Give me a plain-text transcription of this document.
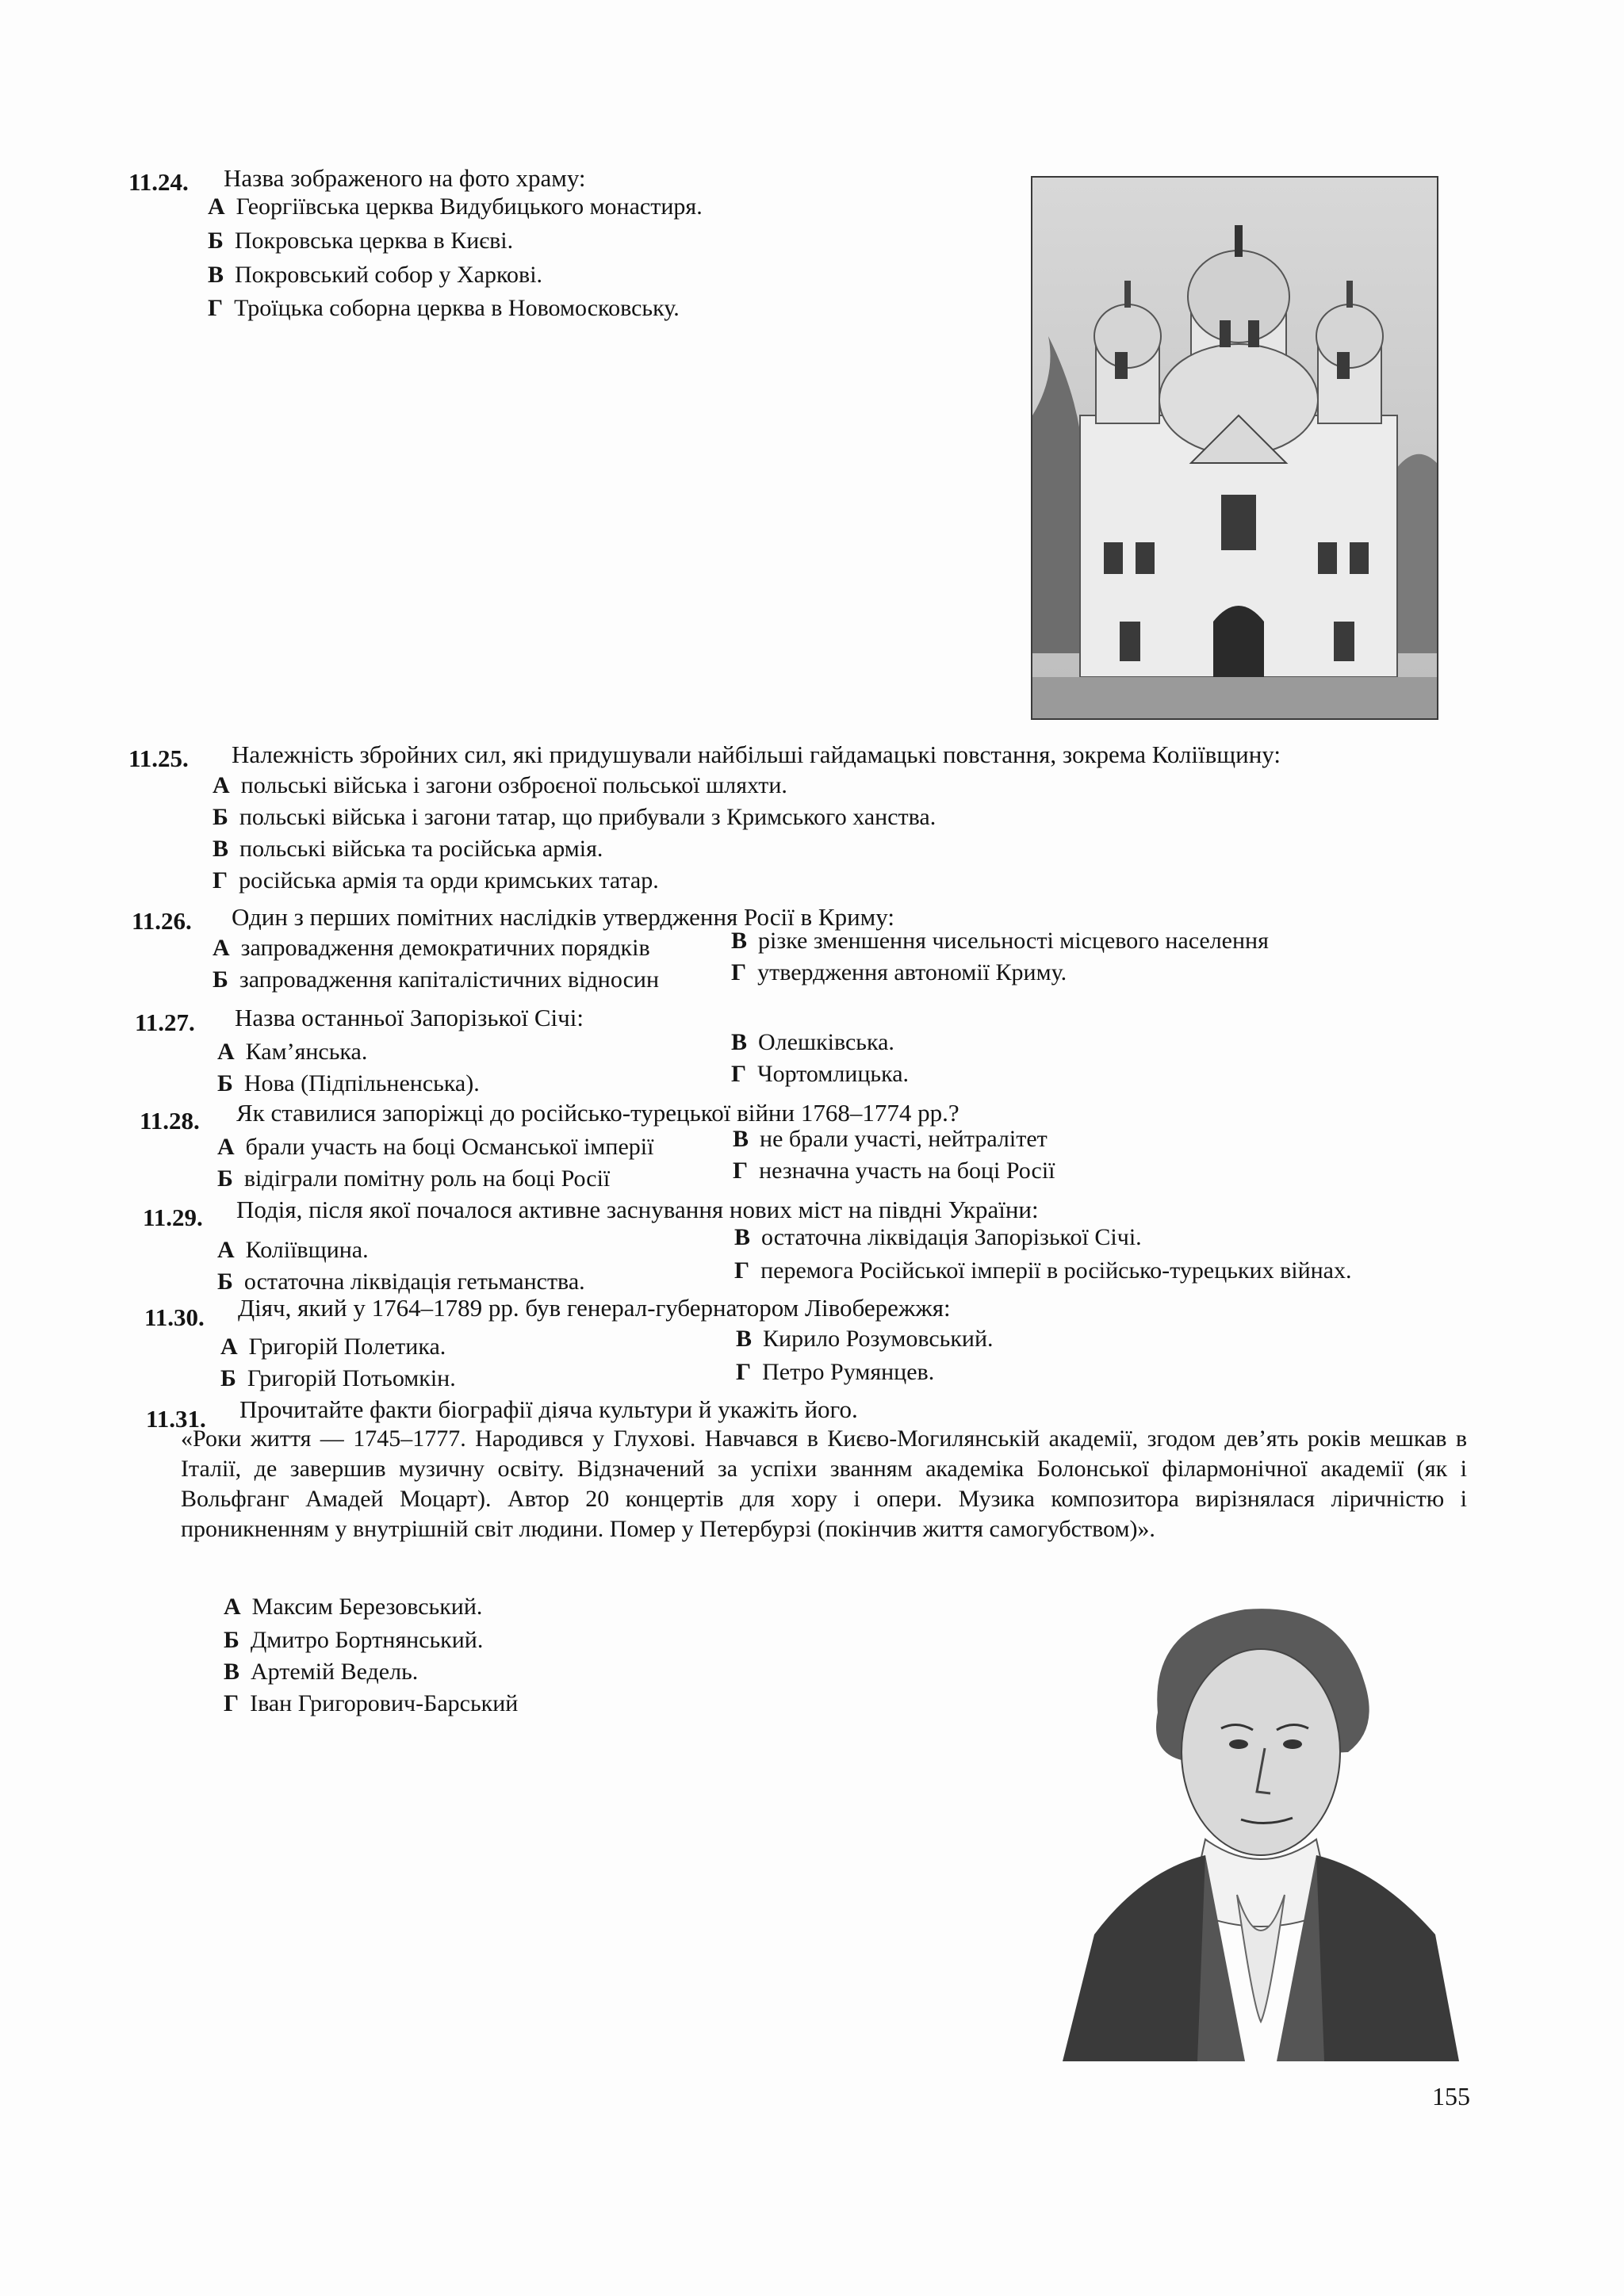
11.24. Назва зображеного на фото храму:
А Георгіївська церква Видубицького монастиря.
Б Покровська церква в Києві.
В Покровський собор у Харкові.
Г Троїцька соборна церква в Новомосковську.
11.25. Належність збройних сил, які придушували найбільші гайдамацькі повстання, зокрема Коліївщину:
А польські війська і загони озброєної польської шляхти.
Б польські війська і загони татар, що прибували з Кримського ханства.
В польські війська та російська армія.
Г російська армія та орди кримських татар.
11.26. Один з перших помітних наслідків утвердження Росії в Криму:
А запровадження демократичних порядків	В різке зменшення чисельності місцевого населення
Б запровадження капіталістичних відносин	Г утвердження автономії Криму.
11.27. Назва останньої Запорізької Січі:
А Кам’янська.	В Олешківська.
Б Нова (Підпільненська).	Г Чортомлицька.
11.28. Як ставилися запоріжці до російсько-турецької війни 1768–1774 рр.?
А брали участь на боці Османської імперії	В не брали участі, нейтралітет
Б відіграли помітну роль на боці Росії	Г незначна участь на боці Росії
11.29. Подія, після якої почалося активне заснування нових міст на півдні України:
А Коліївщина.	В остаточна ліквідація Запорізької Січі.
Б остаточна ліквідація гетьманства.	Г перемога Російської імперії в російсько-турецьких війнах.
11.30. Діяч, який у 1764–1789 рр. був генерал-губернатором Лівобережжя:
А Григорій Полетика.	В Кирило Розумовський.
Б Григорій Потьомкін.	Г Петро Румянцев.
11.31. Прочитайте факти біографії діяча культури й укажіть його.
«Роки життя — 1745–1777. Народився у Глухові. Навчався в Києво-Могилянській академії, згодом дев’ять років мешкав в Італії, де завершив музичну освіту. Відзначений за успіхи званням академіка Болонської філармонічної академії (як і Вольфганг Амадей Моцарт). Автор 20 концертів для хору і опери. Музика композитора вирізнялася ліричністю і проникненням у внутрішній світ людини. Помер у Петербурзі (покінчив життя самогубством)».
А Максим Березовський.
Б Дмитро Бортнянський.
В Артемій Ведель.
Г Іван Григорович-Барський
155
